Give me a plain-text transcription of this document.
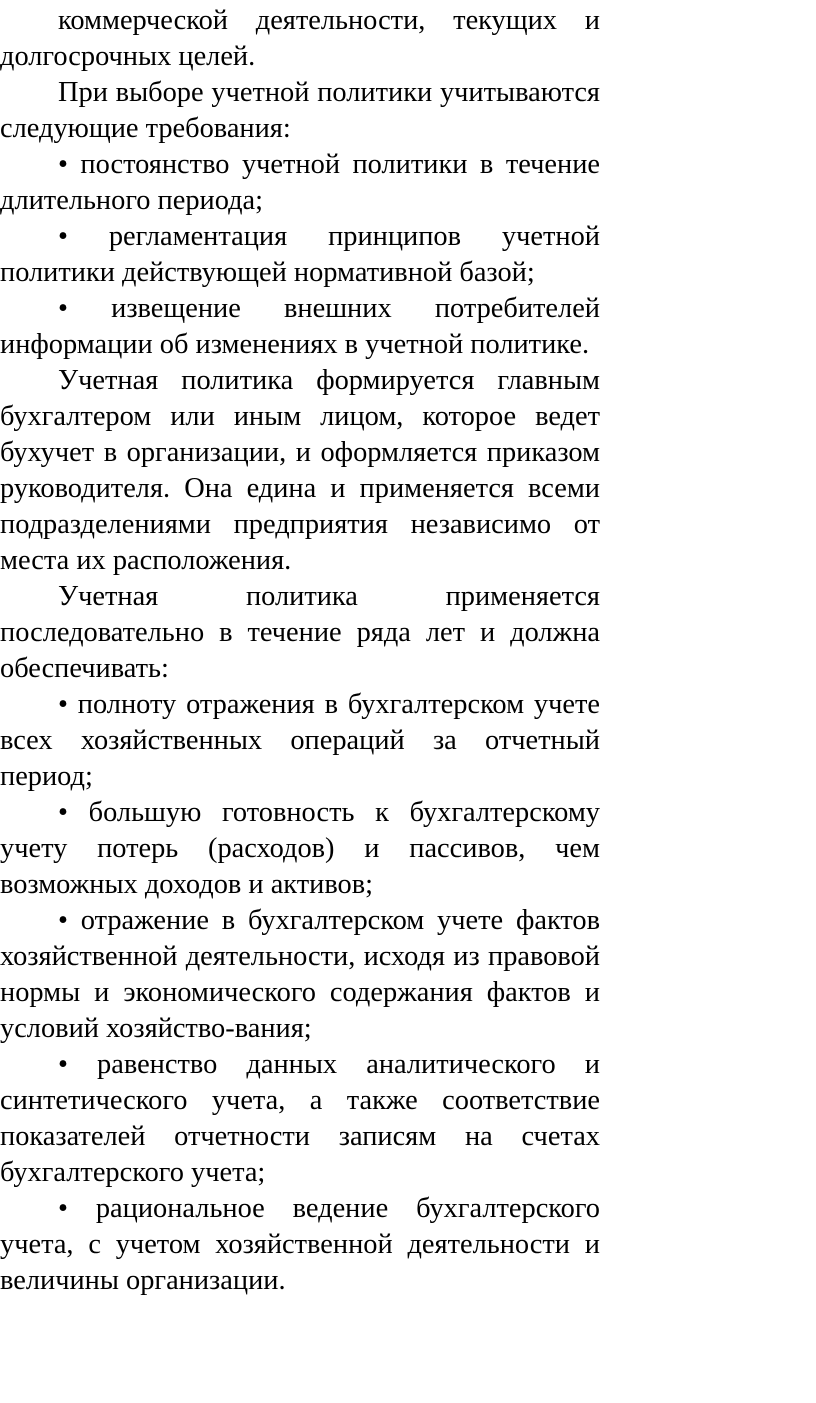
коммерческой деятельности, текущих и долгосрочных целей.

При выборе учетной политики учитываются следующие требования:

• постоянство учетной политики в течение длительного периода;

• регламентация принципов учетной политики действующей нормативной базой;

• извещение внешних потребителей информации об изменениях в учетной политике.

Учетная политика формируется главным бухгалтером или иным лицом, которое ведет бухучет в организации, и оформляется приказом руководителя. Она едина и применяется всеми подразделениями предприятия независимо от места их расположения.

Учетная политика применяется последовательно в течение ряда лет и должна обеспечивать:

• полноту отражения в бухгалтерском учете всех хозяйственных операций за отчетный период;

• большую готовность к бухгалтерскому учету потерь (расходов) и пассивов, чем возможных доходов и активов;

• отражение в бухгалтерском учете фактов хозяйственной деятельности, исходя из правовой нормы и экономического содержания фактов и условий хозяйство-вания;

• равенство данных аналитического и синтетического учета, а также соответствие показателей отчетности записям на счетах бухгалтерского учета;

• рациональное ведение бухгалтерского учета, с учетом хозяйственной деятельности и величины организации.
